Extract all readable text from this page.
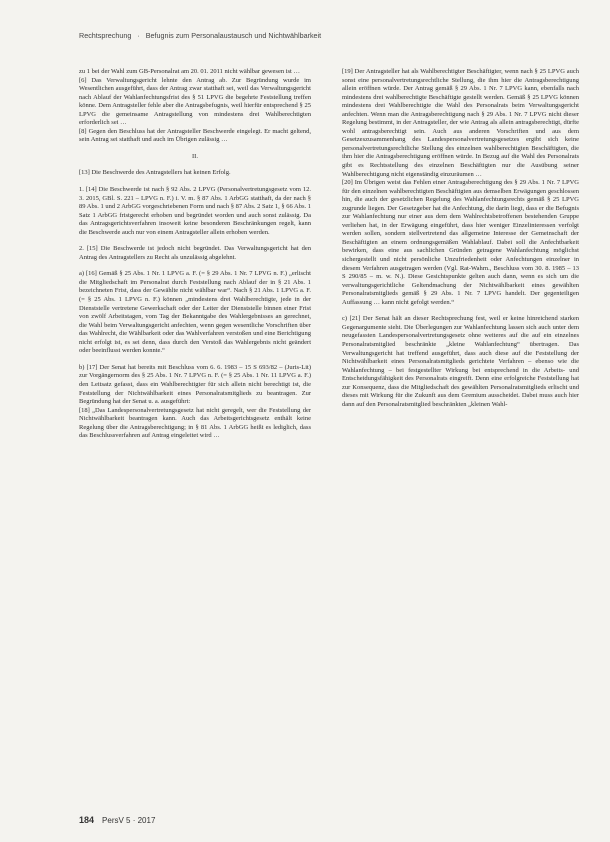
Rechtsprechung · Befugnis zum Personalaustausch und Nichtwählbarkeit

zu 1 bei der Wahl zum GB-Personalrat am 20. 01. 2011 nicht wählbar gewesen ist …

[6] Das Verwaltungsgericht lehnte den Antrag ab. Zur Begründung wurde im Wesentlichen ausgeführt, dass der Antrag zwar statthaft sei, weil das Verwaltungsgericht nach Ablauf der Wahlanfechtungsfrist des § 51 LPVG die begehrte Feststellung treffen könne. Dem Antragsteller fehle aber die Antragsbefugnis, weil hierfür entsprechend § 25 LPVG die gemeinsame Antragstellung von mindestens drei Wahlberechtigten erforderlich sei …

[8] Gegen den Beschluss hat der Antragsteller Beschwerde eingelegt. Er macht geltend, sein Antrag sei statthaft und auch im Übrigen zulässig …

II.

[13] Die Beschwerde des Antragstellers hat keinen Erfolg.

1. [14] Die Beschwerde ist nach § 92 Abs. 2 LPVG (Personalvertretungsgesetz vom 12. 3. 2015, GBl. S. 221 – LPVG n. F.) i. V. m. § 87 Abs. 1 ArbGG statthaft, da der nach § 89 Abs. 1 und 2 ArbGG vorgeschriebenen Form und nach § 87 Abs. 2 Satz 1, § 66 Abs. 1 Satz 1 ArbGG fristgerecht erhoben und begründet worden und auch sonst zulässig. Da das Antragsgerichtsverfahren insoweit keine besonderen Beschränkungen regelt, kann die Beschwerde auch nur von einem Antragsteller allein erhoben werden.

2. [15] Die Beschwerde ist jedoch nicht begründet. Das Verwaltungsgericht hat den Antrag des Antragstellers zu Recht als unzulässig abgelehnt.

a) [16] Gemäß § 25 Abs. 1 Nr. 1 LPVG a. F. (= § 29 Abs. 1 Nr. 7 LPVG n. F.) „erlischt die Mitgliedschaft im Personalrat durch Feststellung nach Ablauf der in § 21 Abs. 1 bezeichneten Frist, dass der Gewählte nicht wählbar war“. Nach § 21 Abs. 1 LPVG a. F. (= § 25 Abs. 1 LPVG n. F.) können „mindestens drei Wahlberechtigte, jede in der Dienststelle vertretene Gewerkschaft oder der Leiter der Dienststelle binnen einer Frist von zwölf Arbeitstagen, vom Tag der Bekanntgabe des Wahlergebnisses an gerechnet, die Wahl beim Verwaltungsgericht anfechten, wenn gegen wesentliche Vorschriften über das Wahlrecht, die Wählbarkeit oder das Wahlverfahren verstoßen und eine Berichtigung nicht erfolgt ist, es sei denn, dass durch den Verstoß das Wahlergebnis nicht geändert oder beeinflusst werden konnte.“

b) [17] Der Senat hat bereits mit Beschluss vom 6. 6. 1983 – 15 S 693/82 – (Juris-Lit) zur Vorgängernorm des § 25 Abs. 1 Nr. 7 LPVG n. F. (= § 25 Abs. 1 Nr. 11 LPVG a. F.) den Leitsatz gefasst, dass ein Wahlberechtigter für sich allein nicht berechtigt ist, die Feststellung der Nichtwählbarkeit eines Personalratsmitglieds zu beantragen. Zur Begründung hat der Senat u. a. ausgeführt:

[18] „Das Landespersonalvertretungsgesetz hat nicht geregelt, wer die Feststellung der Nichtwählbarkeit beantragen kann. Auch das Arbeitsgerichtsgesetz enthält keine Regelung über die Antragsberechtigung; in § 81 Abs. 1 ArbGG heißt es lediglich, dass das Beschlussverfahren auf Antrag eingeleitet wird …

[19] Der Antragsteller hat als Wahlberechtigter Beschäftigter, wenn nach § 25 LPVG auch sonst eine personalvertretungsrechtliche Stellung, die ihm hier die Antragsberechtigung allein eröffnen würde. Der Antrag gemäß § 29 Abs. 1 Nr. 7 LPVG kann, ebenfalls nach mindestens drei wahlberechtigte Beschäftigte gestellt werden. Gemäß § 25 LPVG können mindestens drei Wahlberechtigte die Wahl des Personalrats beim Verwaltungsgericht anfechten. Wenn man die Antragsberechtigung nach § 29 Abs. 1 Nr. 7 LPVG nicht dieser Regelung bestimmt, in der Antragsteller, der wie Antrag als allein antragsberechtigt, dürfte wohl antragsberechtigt sein. Auch aus anderen Vorschriften und aus dem Gesetzeszusammenhang des Landespersonalvertretungsgesetzes ergibt sich keine personalvertretungsrechtliche Stellung des einzelnen wahlberechtigten Beschäftigten, die ihm hier die Antragsberechtigung eröffnen würde. In Bezug auf die Wahl des Personalrats gibt es Rechtsstellung des einzelnen Beschäftigten nur die Ausübung seiner Wahlberechtigung nicht eigenständig einzuräumen …

[20] Im Übrigen weist das Fehlen einer Antragsberechtigung des § 29 Abs. 1 Nr. 7 LPVG für den einzelnen wahlberechtigten Beschäftigten aus demselben Erwägungen geschlossen hin, die auch der gesetzlichen Regelung des Wahlanfechtungsrechts gemäß § 25 LPVG zugrunde liegen. Der Gesetzgeber hat die Anfechtung, die darin liegt, dass er die Befugnis zur Wahlanfechtung nur einer aus dem dem Wahlrechtsbetroffenen bestehenden Gruppe verliehen hat, in der Erwägung eingeführt, dass hier weniger Einzelinteressen verfolgt werden sollen, sondern stellvertretend das allgemeine Interesse der Gemeinschaft der Beschäftigten an einem ordnungsgemäßen Wahlablauf. Dabei soll die Anfechtbarkeit bewirken, dass eine aus sachlichen Gründen getragene Wahlanfechtung möglichst sichergestellt und nicht persönliche Unzufriedenheit oder Anfechtungen einzelner in diesem Verfahren ausgetragen werden (Vgl. Rat-Wahrn., Beschluss vom 30. 8. 1985 – 13 S 290/85 – m. w. N.). Diese Gesichtspunkte gelten auch dann, wenn es sich um die verwaltungsgerichtliche Geltendmachung der Nichtwählbarkeit eines gewählten Personalratsmitglieds gemäß § 29 Abs. 1 Nr. 7 LPVG handelt. Der gegenteiligen Auffassung … kann nicht gefolgt werden.“

c) [21] Der Senat hält an dieser Rechtsprechung fest, weil er keine hinreichend starken Gegenargumente sieht. Die Überlegungen zur Wahlanfechtung lassen sich auch unter dem neugefassten Landespersonalvertretungsgesetz ohne weiteres auf die auf ein einzelnes Personalratsmitglied beschränkte „kleine Wahlanfechtung“ übertragen. Das Verwaltungsgericht hat treffend ausgeführt, dass auch diese auf die Feststellung der Nichtwählbarkeit eines Personalratsmitglieds gerichtete Verfahren – ebenso wie die Wahlanfechtung – bei festgestellter Wirkung bei entsprechend in die Arbeits- und Entscheidungsfähigkeit des Personalrats eingreift. Denn eine erfolgreiche Feststellung hat zur Konsequenz, dass die Mitgliedschaft des gewählten Personalratsmitglieds erlischt und dieses mit Wirkung für die Zukunft aus dem Gremium ausscheidet. Dabei muss auch hier dann auf den Personalratsmitglied beschränkten „kleinen Wahl-

184 PersV 5 · 2017
